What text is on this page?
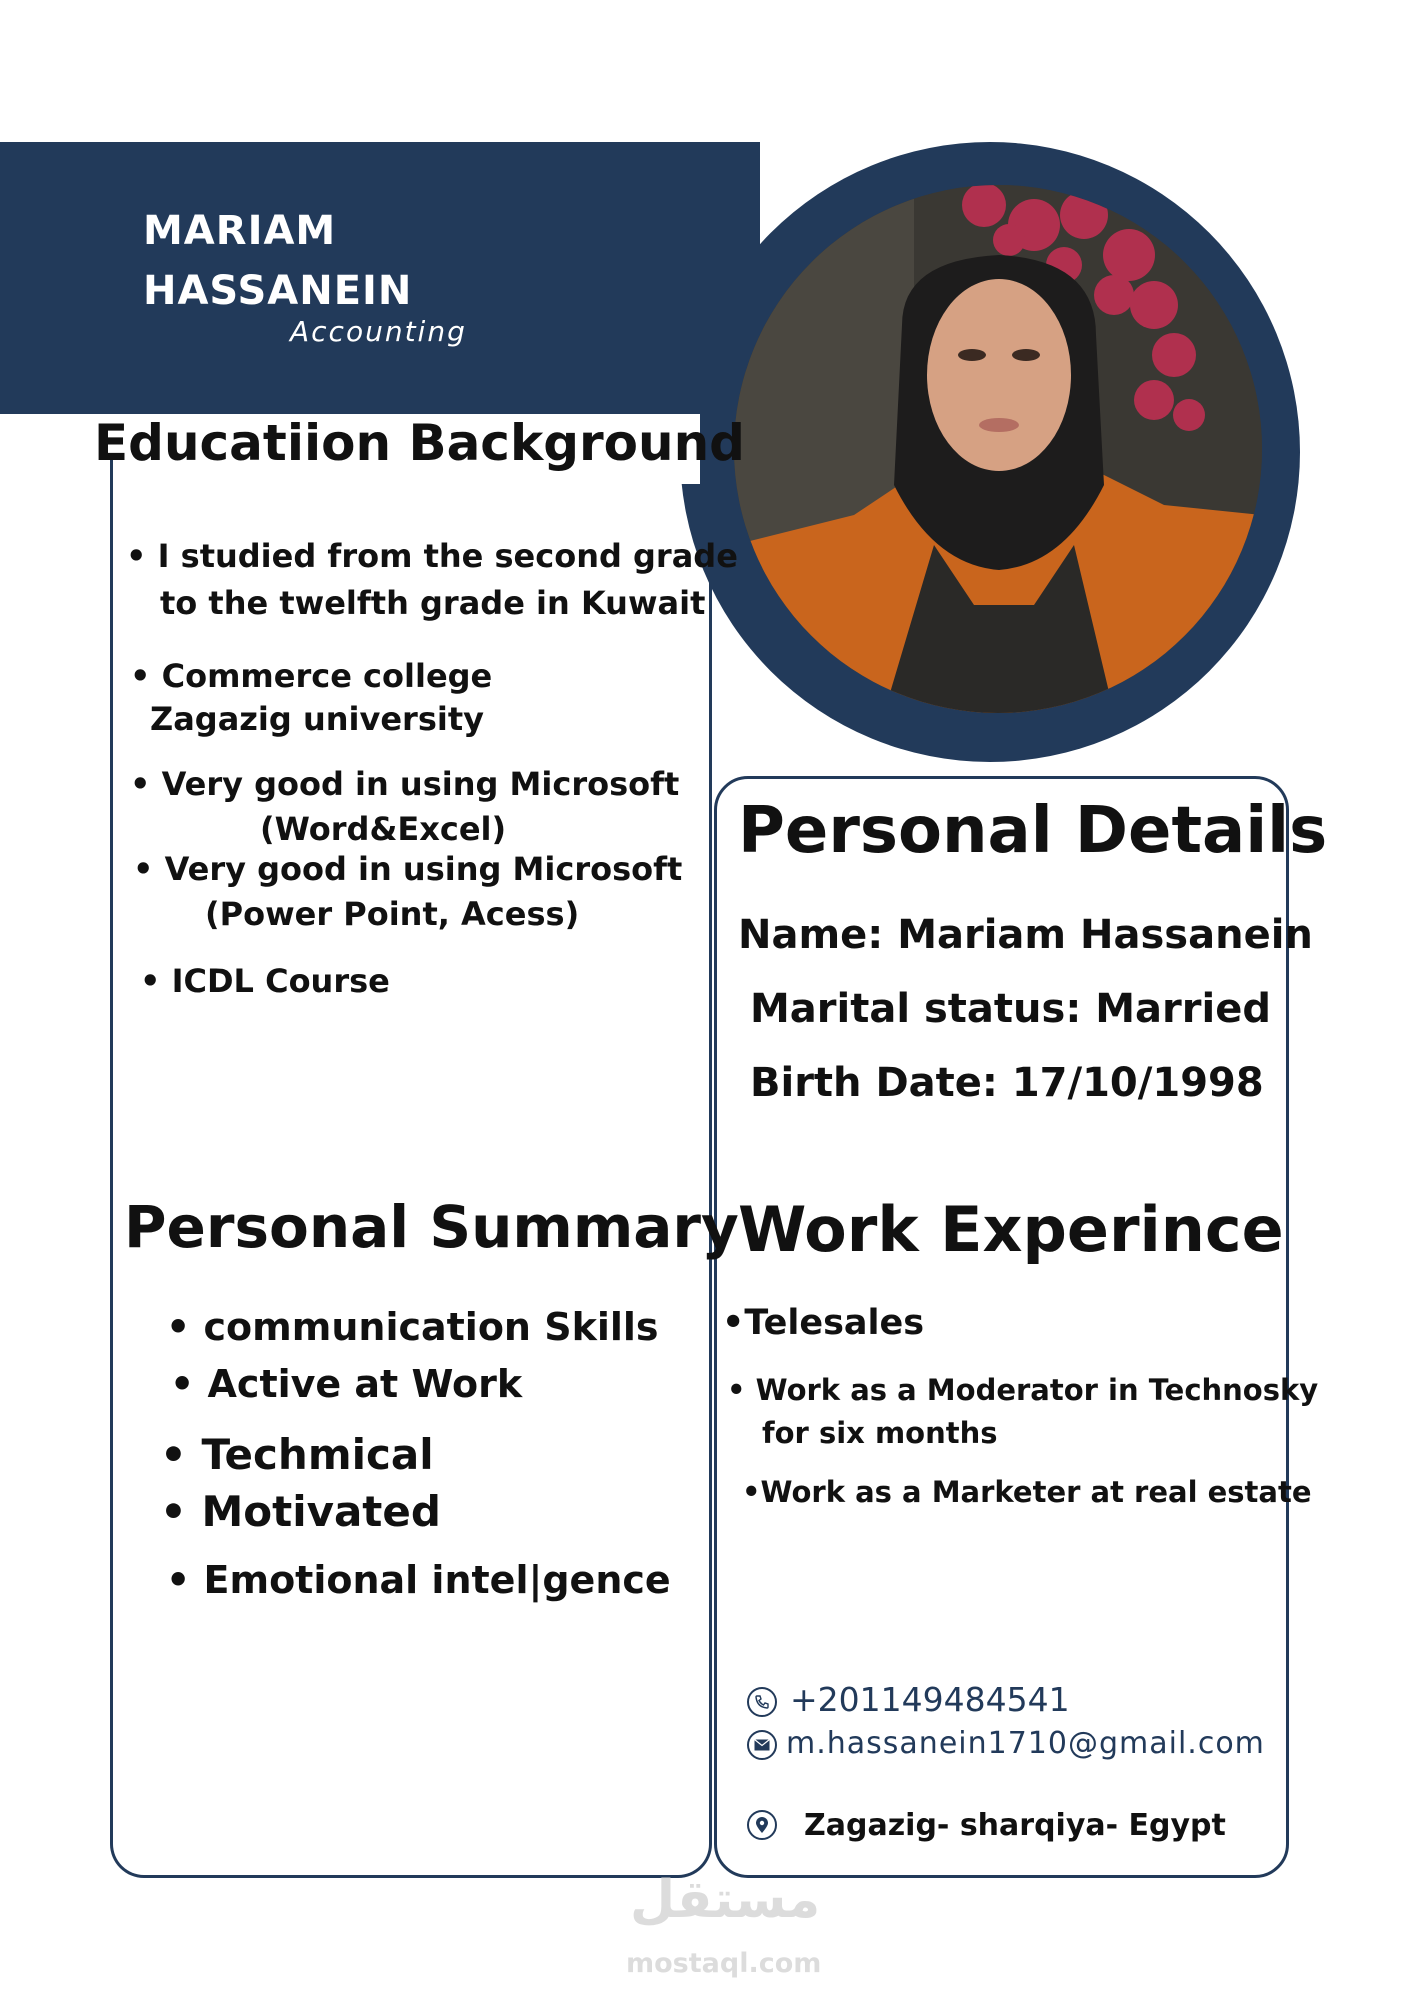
MARIAM
HASSANEIN
Accounting
Educatiion Background
• I studied from the second grade
to the twelfth grade in Kuwait
• Commerce college
Zagazig university
• Very good in using Microsoft
(Word&Excel)
• Very good in using Microsoft
(Power Point, Acess)
• ICDL Course
Personal Details
Name: Mariam Hassanein
Marital status: Married
Birth Date: 17/10/1998
Personal Summary
• communication Skills
• Active at Work
• Techmical
• Motivated
• Emotional intel|gence
Work Experince
•Telesales
• Work as a Moderator in Technosky
for six months
•Work as a Marketer at real estate
+201149484541
m.hassanein1710@gmail.com
Zagazig- sharqiya- Egypt
مستقل
mostaql.com
